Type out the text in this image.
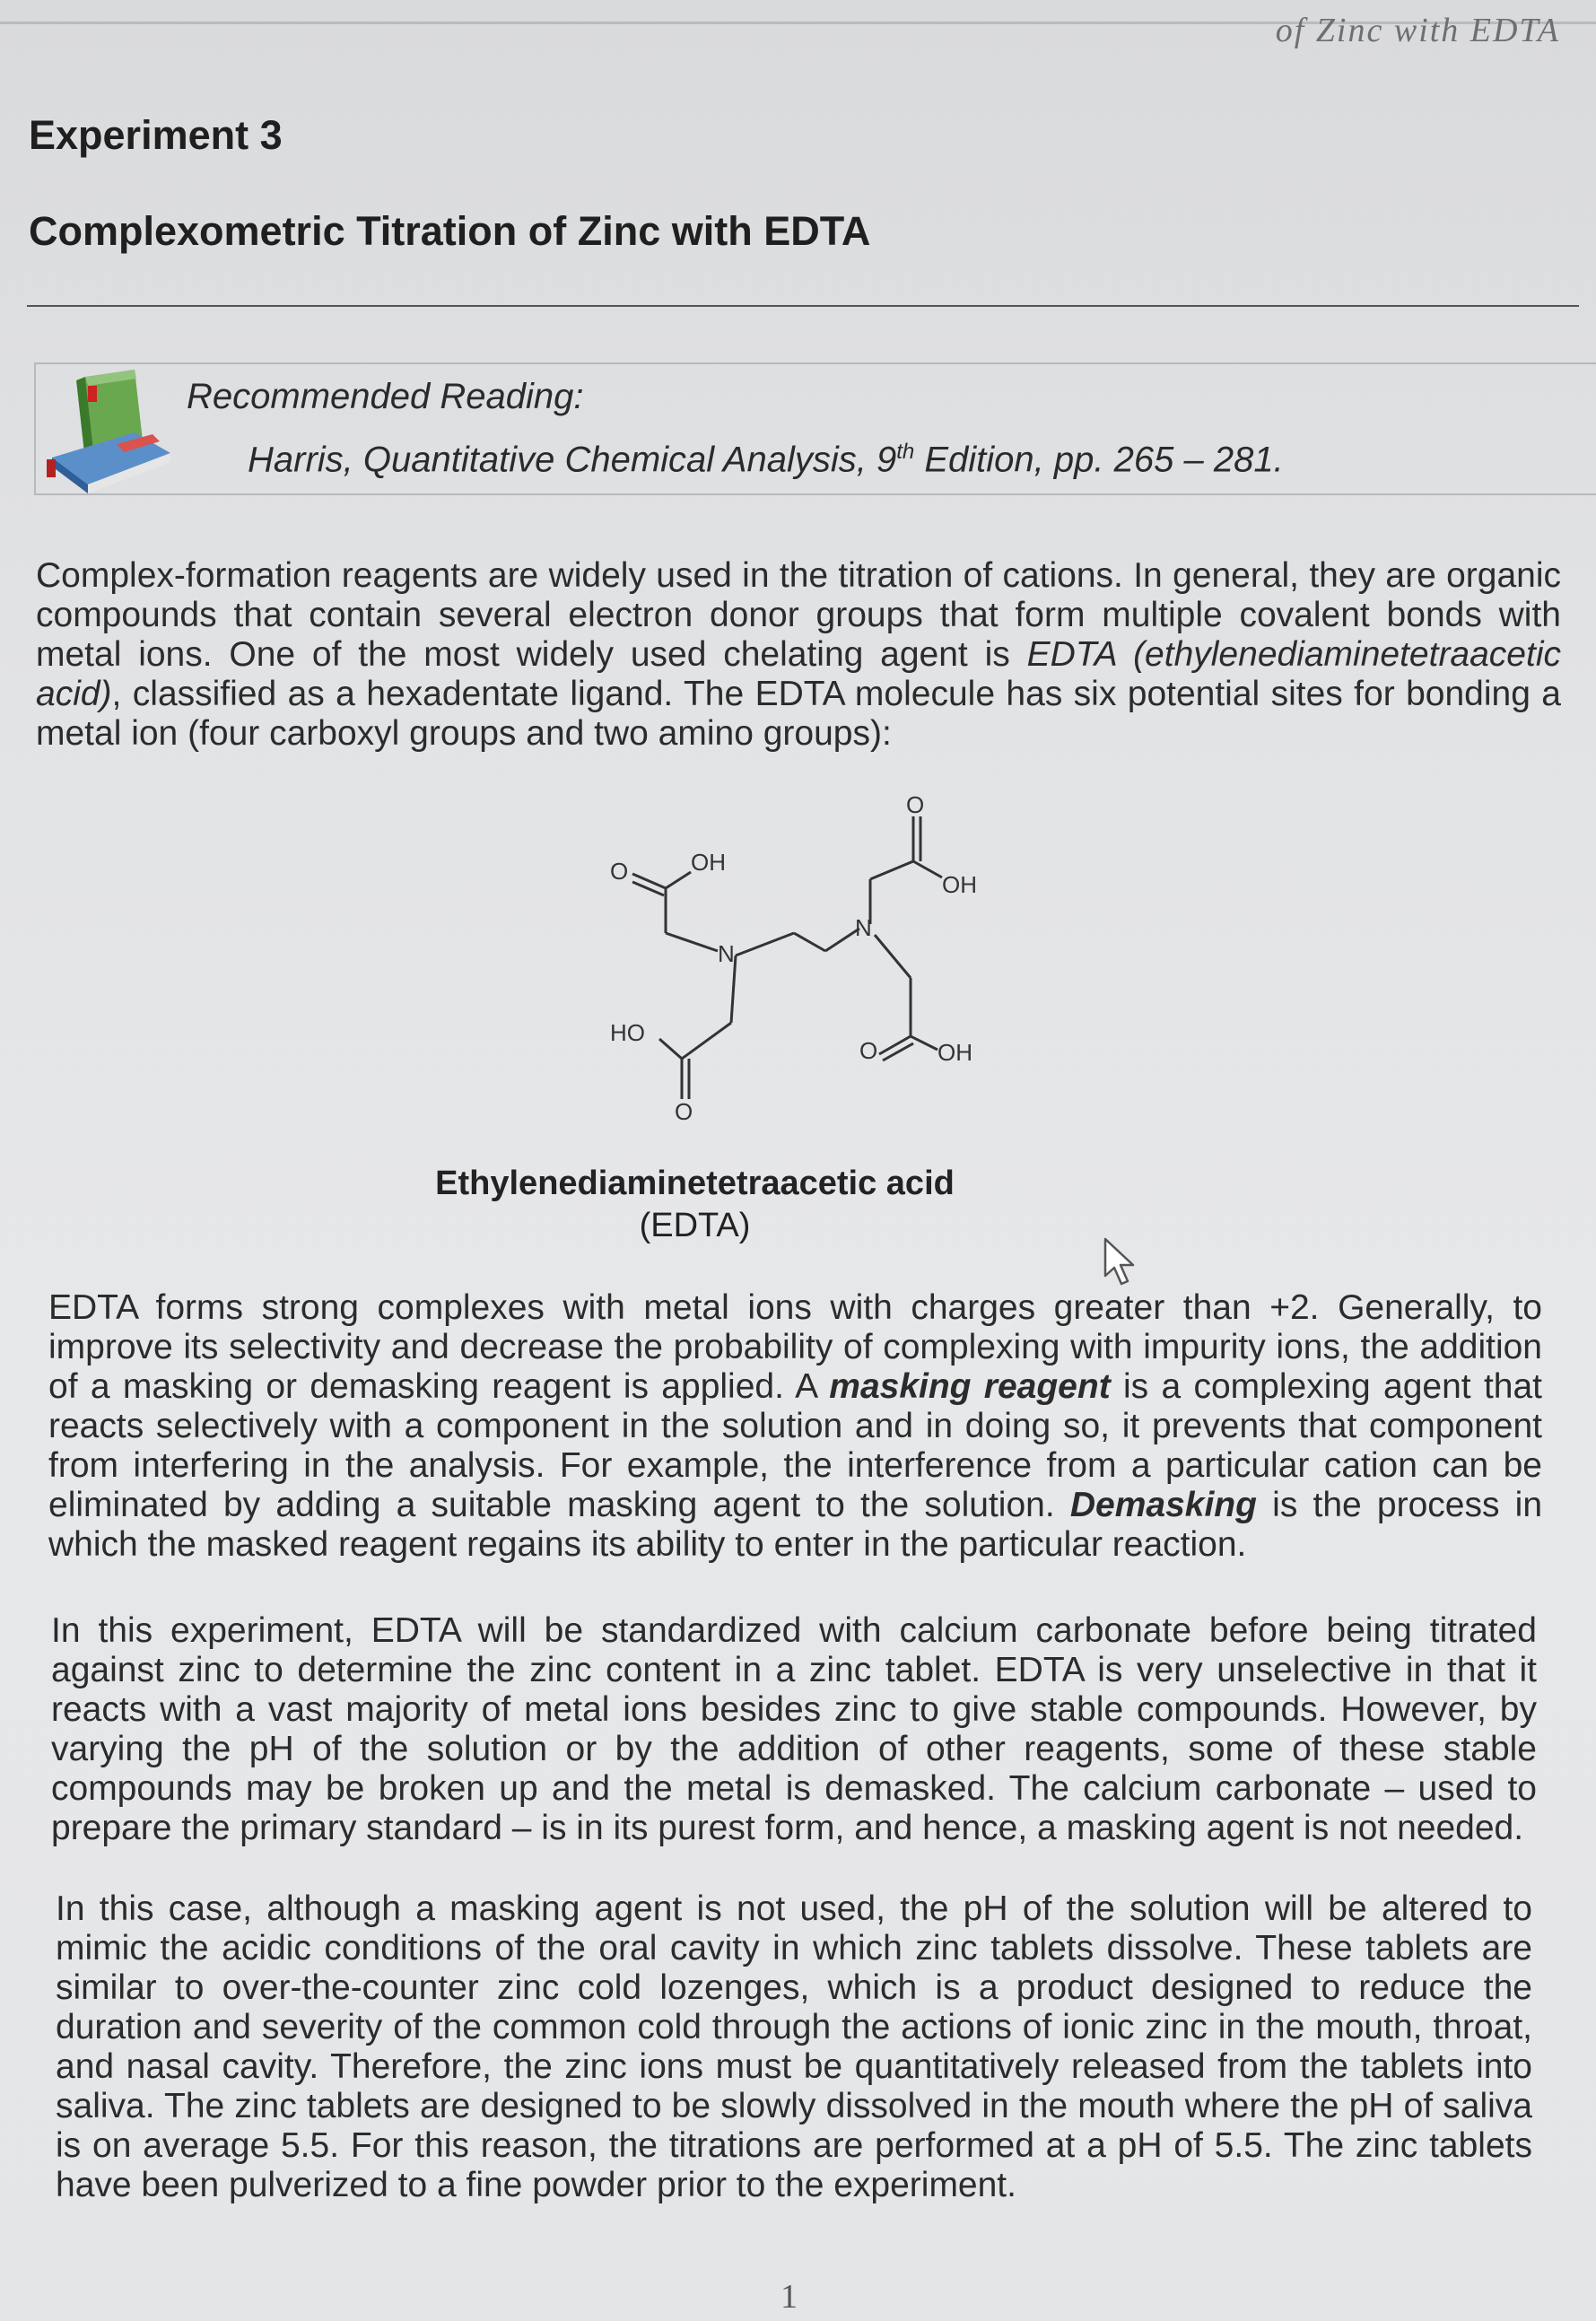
of Zinc with EDTA
Experiment 3
Complexometric Titration of Zinc with EDTA
Recommended Reading:
Harris, Quantitative Chemical Analysis, 9th Edition, pp. 265 – 281.
Complex-formation reagents are widely used in the titration of cations. In general, they are organic compounds that contain several electron donor groups that form multiple covalent bonds with metal ions. One of the most widely used chelating agent is EDTA (ethylenediaminetetraacetic acid), classified as a hexadentate ligand. The EDTA molecule has six potential sites for bonding a metal ion (four carboxyl groups and two amino groups):
O	OH
O
OH
N
N
HO
O
O	OH
Ethylenediaminetetraacetic acid
(EDTA)
EDTA forms strong complexes with metal ions with charges greater than +2. Generally, to improve its selectivity and decrease the probability of complexing with impurity ions, the addition of a masking or demasking reagent is applied. A masking reagent is a complexing agent that reacts selectively with a component in the solution and in doing so, it prevents that component from interfering in the analysis. For example, the interference from a particular cation can be eliminated by adding a suitable masking agent to the solution. Demasking is the process in which the masked reagent regains its ability to enter in the particular reaction.
In this experiment, EDTA will be standardized with calcium carbonate before being titrated against zinc to determine the zinc content in a zinc tablet. EDTA is very unselective in that it reacts with a vast majority of metal ions besides zinc to give stable compounds. However, by varying the pH of the solution or by the addition of other reagents, some of these stable compounds may be broken up and the metal is demasked. The calcium carbonate – used to prepare the primary standard – is in its purest form, and hence, a masking agent is not needed.
In this case, although a masking agent is not used, the pH of the solution will be altered to mimic the acidic conditions of the oral cavity in which zinc tablets dissolve. These tablets are similar to over-the-counter zinc cold lozenges, which is a product designed to reduce the duration and severity of the common cold through the actions of ionic zinc in the mouth, throat, and nasal cavity. Therefore, the zinc ions must be quantitatively released from the tablets into saliva. The zinc tablets are designed to be slowly dissolved in the mouth where the pH of saliva is on average 5.5. For this reason, the titrations are performed at a pH of 5.5. The zinc tablets have been pulverized to a fine powder prior to the experiment.
1
